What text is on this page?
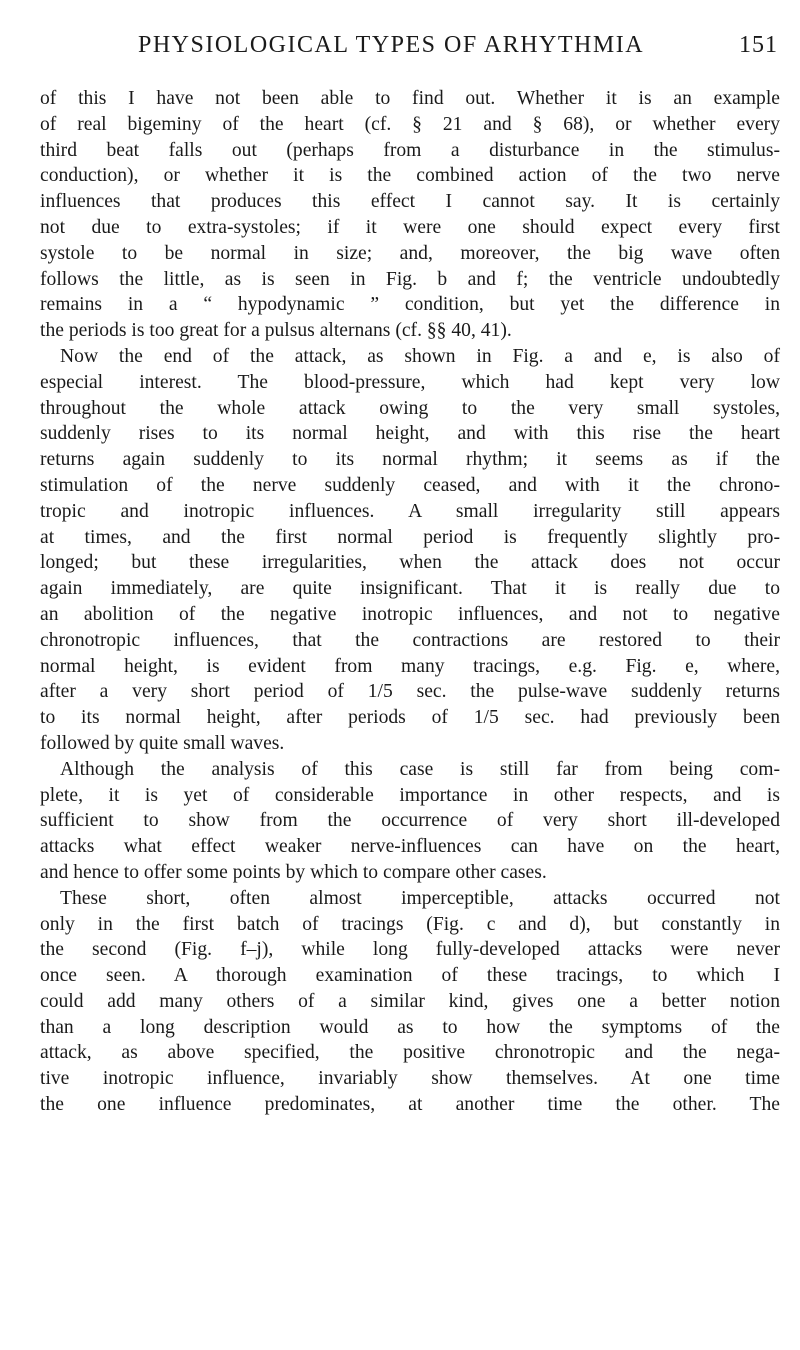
PHYSIOLOGICAL TYPES OF ARHYTHMIA	151
of this I have not been able to find out. Whether it is an example
of real bigeminy of the heart (cf. § 21 and § 68), or whether every
third beat falls out (perhaps from a disturbance in the stimulus-
conduction), or whether it is the combined action of the two nerve
influences that produces this effect I cannot say. It is certainly
not due to extra-systoles; if it were one should expect every first
systole to be normal in size; and, moreover, the big wave often
follows the little, as is seen in Fig. b and f; the ventricle undoubtedly
remains in a “ hypodynamic ” condition, but yet the difference in
the periods is too great for a pulsus alternans (cf. §§ 40, 41).
Now the end of the attack, as shown in Fig. a and e, is also of
especial interest. The blood-pressure, which had kept very low
throughout the whole attack owing to the very small systoles,
suddenly rises to its normal height, and with this rise the heart
returns again suddenly to its normal rhythm; it seems as if the
stimulation of the nerve suddenly ceased, and with it the chrono-
tropic and inotropic influences. A small irregularity still appears
at times, and the first normal period is frequently slightly pro-
longed; but these irregularities, when the attack does not occur
again immediately, are quite insignificant. That it is really due to
an abolition of the negative inotropic influences, and not to negative
chronotropic influences, that the contractions are restored to their
normal height, is evident from many tracings, e.g. Fig. e, where,
after a very short period of 1/5 sec. the pulse-wave suddenly returns
to its normal height, after periods of 1/5 sec. had previously been
followed by quite small waves.
Although the analysis of this case is still far from being com-
plete, it is yet of considerable importance in other respects, and is
sufficient to show from the occurrence of very short ill-developed
attacks what effect weaker nerve-influences can have on the heart,
and hence to offer some points by which to compare other cases.
These short, often almost imperceptible, attacks occurred not
only in the first batch of tracings (Fig. c and d), but constantly in
the second (Fig. f–j), while long fully-developed attacks were never
once seen. A thorough examination of these tracings, to which I
could add many others of a similar kind, gives one a better notion
than a long description would as to how the symptoms of the
attack, as above specified, the positive chronotropic and the nega-
tive inotropic influence, invariably show themselves. At one time
the one influence predominates, at another time the other. The
